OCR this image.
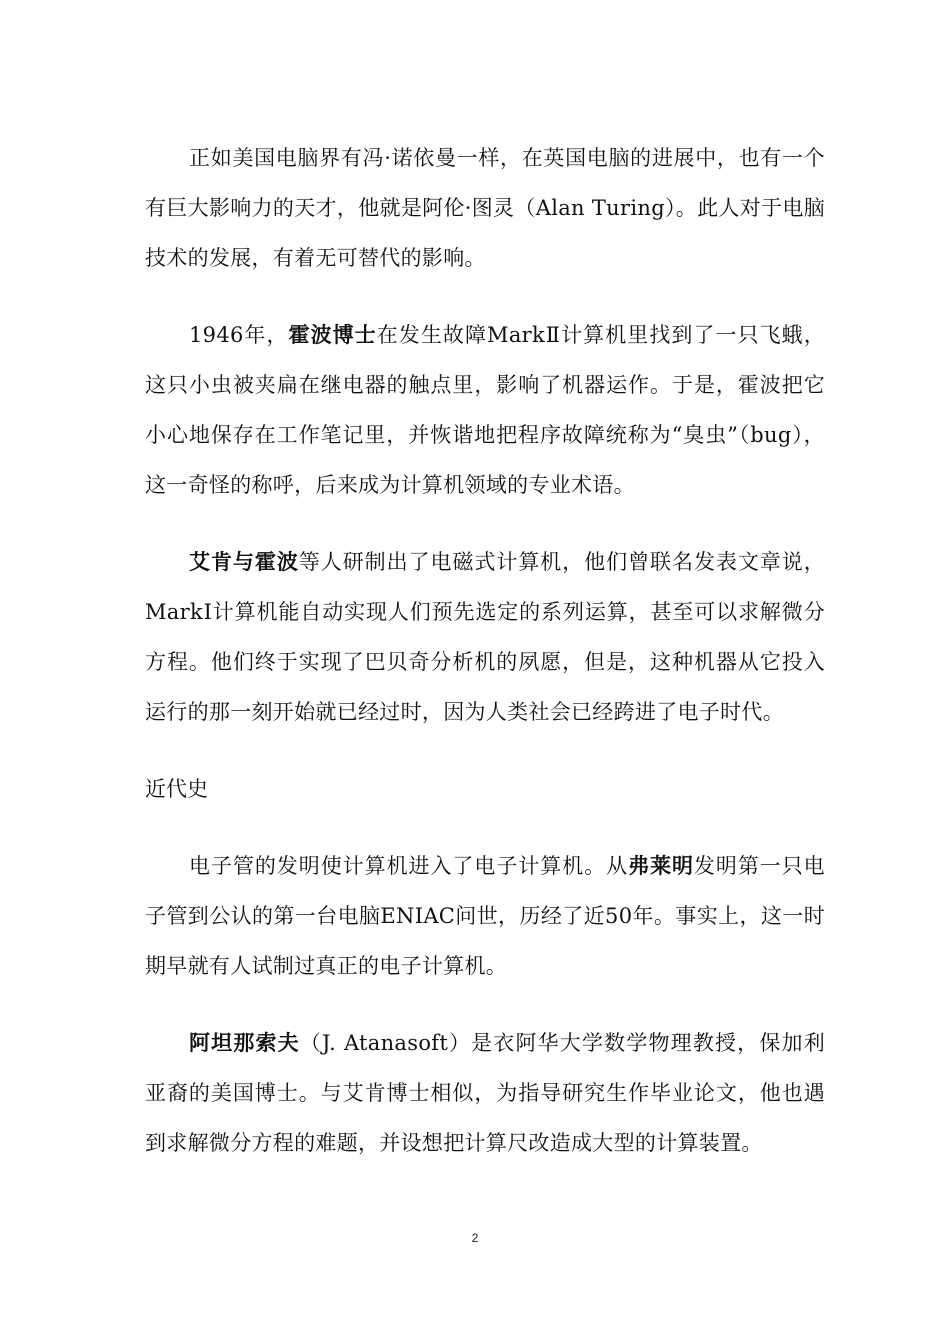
正如美国电脑界有冯·诺依曼一样，在英国电脑的进展中，也有一个有巨大影响力的天才，他就是阿伦·图灵（Alan Turing）。此人对于电脑技术的发展，有着无可替代的影响。

1946年，霍波博士在发生故障MarkⅡ计算机里找到了一只飞蛾，这只小虫被夹扁在继电器的触点里，影响了机器运作。于是，霍波把它小心地保存在工作笔记里，并恢谐地把程序故障统称为“臭虫”（bug），这一奇怪的称呼，后来成为计算机领域的专业术语。

艾肯与霍波等人研制出了电磁式计算机，他们曾联名发表文章说，MarkⅠ计算机能自动实现人们预先选定的系列运算，甚至可以求解微分方程。他们终于实现了巴贝奇分析机的夙愿，但是，这种机器从它投入运行的那一刻开始就已经过时，因为人类社会已经跨进了电子时代。

近代史

电子管的发明使计算机进入了电子计算机。从弗莱明发明第一只电子管到公认的第一台电脑ENIAC问世，历经了近50年。事实上，这一时期早就有人试制过真正的电子计算机。

阿坦那索夫（J. Atanasoft）是衣阿华大学数学物理教授，保加利亚裔的美国博士。与艾肯博士相似，为指导研究生作毕业论文，他也遇到求解微分方程的难题，并设想把计算尺改造成大型的计算装置。

2
